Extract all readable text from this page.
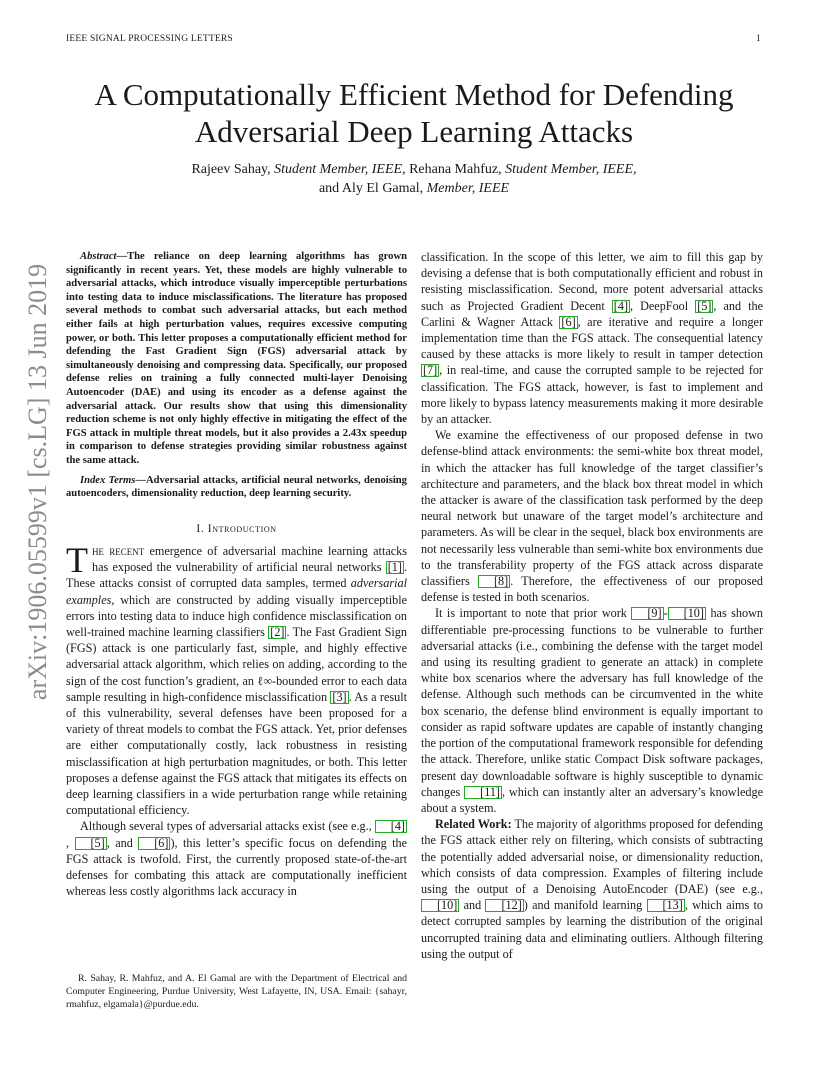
IEEE SIGNAL PROCESSING LETTERS	1
A Computationally Efficient Method for Defending Adversarial Deep Learning Attacks
Rajeev Sahay, Student Member, IEEE, Rehana Mahfuz, Student Member, IEEE,
and Aly El Gamal, Member, IEEE
arXiv:1906.05599v1 [cs.LG] 13 Jun 2019

Abstract—The reliance on deep learning algorithms has grown significantly in recent years. Yet, these models are highly vulnerable to adversarial attacks, which introduce visually imperceptible perturbations into testing data to induce misclassifications. The literature has proposed several methods to combat such adversarial attacks, but each method either fails at high perturbation values, requires excessive computing power, or both. This letter proposes a computationally efficient method for defending the Fast Gradient Sign (FGS) adversarial attack by simultaneously denoising and compressing data. Specifically, our proposed defense relies on training a fully connected multi-layer Denoising Autoencoder (DAE) and using its encoder as a defense against the adversarial attack. Our results show that using this dimensionality reduction scheme is not only highly effective in mitigating the effect of the FGS attack in multiple threat models, but it also provides a 2.43x speedup in comparison to defense strategies providing similar robustness against the same attack.

Index Terms—Adversarial attacks, artificial neural networks, denoising autoencoders, dimensionality reduction, deep learning security.

I. Introduction

The recent emergence of adversarial machine learning attacks has exposed the vulnerability of artificial neural networks [1] . These attacks consist of corrupted data samples, termed adversarial examples, which are constructed by adding visually imperceptible errors into testing data to induce high confidence misclassification on well-trained machine learning classifiers [2] . The Fast Gradient Sign (FGS) attack is one particularly fast, simple, and highly effective adversarial attack algorithm, which relies on adding, according to the sign of the cost function’s gradient, an ℓ∞-bounded error to each data sample resulting in high-confidence misclassification [3] . As a result of this vulnerability, several defenses have been proposed for a variety of threat models to combat the FGS attack. Yet, prior defenses are either computationally costly, lack robustness in resisting misclassification at high perturbation magnitudes, or both. This letter proposes a defense against the FGS attack that mitigates its effects on deep learning classifiers in a wide perturbation range while retaining computational efficiency.

Although several types of adversarial attacks exist (see e.g., [4], [5] , and [6] ), this letter’s specific focus on defending the FGS attack is twofold. First, the currently proposed state-of-the-art defenses for combating this attack are computationally inefficient whereas less costly algorithms lack accuracy in

R. Sahay, R. Mahfuz, and A. El Gamal are with the Department of Electrical and Computer Engineering, Purdue University, West Lafayette, IN, USA. Email: {sahayr, rmahfuz, elgamala}@purdue.edu.

classification. In the scope of this letter, we aim to fill this gap by devising a defense that is both computationally efficient and robust in resisting misclassification. Second, more potent adversarial attacks such as Projected Gradient Decent [4] , DeepFool [5] , and the Carlini & Wagner Attack [6] , are iterative and require a longer implementation time than the FGS attack. The consequential latency caused by these attacks is more likely to result in tamper detection [7] , in real-time, and cause the corrupted sample to be rejected for classification. The FGS attack, however, is fast to implement and more likely to bypass latency measurements making it more desirable by an attacker.

We examine the effectiveness of our proposed defense in two defense-blind attack environments: the semi-white box threat model, in which the attacker has full knowledge of the target classifier’s architecture and parameters, and the black box threat model in which the attacker is aware of the classification task performed by the deep neural network but unaware of the target model’s architecture and parameters. As will be clear in the sequel, black box environments are not necessarily less vulnerable than semi-white box environments due to the transferability property of the FGS attack across disparate classifiers [8] . Therefore, the effectiveness of our proposed defense is tested in both scenarios.

It is important to note that prior work [9] - [10] has shown differentiable pre-processing functions to be vulnerable to further adversarial attacks (i.e., combining the defense with the target model and using its resulting gradient to generate an attack) in complete white box scenarios where the adversary has full knowledge of the defense. Although such methods can be circumvented in the white box scenario, the defense blind environment is equally important to consider as rapid software updates are capable of instantly changing the portion of the computational framework responsible for defending the attack. Therefore, unlike static Compact Disk software packages, present day downloadable software is highly susceptible to dynamic changes [11] , which can instantly alter an adversary’s knowledge about a system.

Related Work: The majority of algorithms proposed for defending the FGS attack either rely on filtering, which consists of subtracting the potentially added adversarial noise, or dimensionality reduction, which consists of data compression. Examples of filtering include using the output of a Denoising AutoEncoder (DAE) (see e.g., [10] and [12] ) and manifold learning [13] , which aims to detect corrupted samples by learning the distribution of the original uncorrupted training data and eliminating outliers. Although filtering using the output of
